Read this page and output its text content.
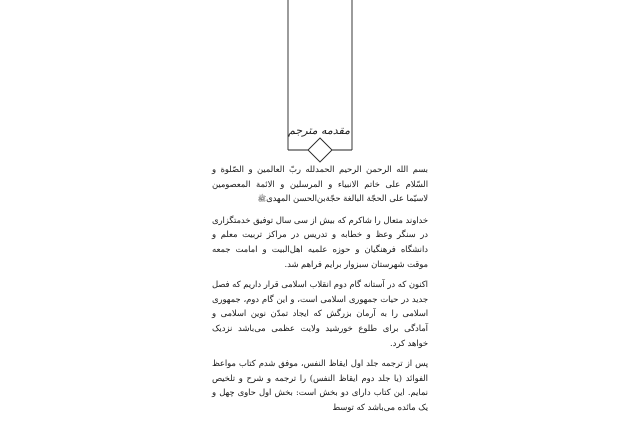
مقدمه مترجم

بسم الله الرحمن الرحیم الحمدلله ربّ العالمین و الصّلوة و السّلام علی خاتم الانبیاء و المرسلین و الائمة المعصومین لاسیّما علی الحجّة البالغة حجّةبن‌الحسن المهدیﷺ

خداوند متعال را شاکرم که بیش از سی سال توفیق خدمتگزاری در سنگر وعظ و خطابه و تدریس در مراکز تربیت معلم و دانشگاه فرهنگیان و حوزه علمیه اهل‌البیت و امامت جمعه موقت شهرستان سبزوار برایم فراهم شد.

اکنون که در آستانه گام دوم انقلاب اسلامی قرار داریم که فصل جدید در حیات جمهوری اسلامی است، و این گام دوم، جمهوری اسلامی را به آرمان بزرگش که ایجاد تمدّن نوین اسلامی و آمادگی برای طلوع خورشید ولایت عظمی می‌باشد نزدیک خواهد کرد.

پس از ترجمه جلد اول ایقاظ النفس، موفق شدم کتاب مواعظ الفوائد (یا جلد دوم ایقاظ النفس) را ترجمه و شرح و تلخیص نمایم. این کتاب دارای دو بخش است: بخش اول حاوی چهل و یک مائده می‌باشد که توسط
